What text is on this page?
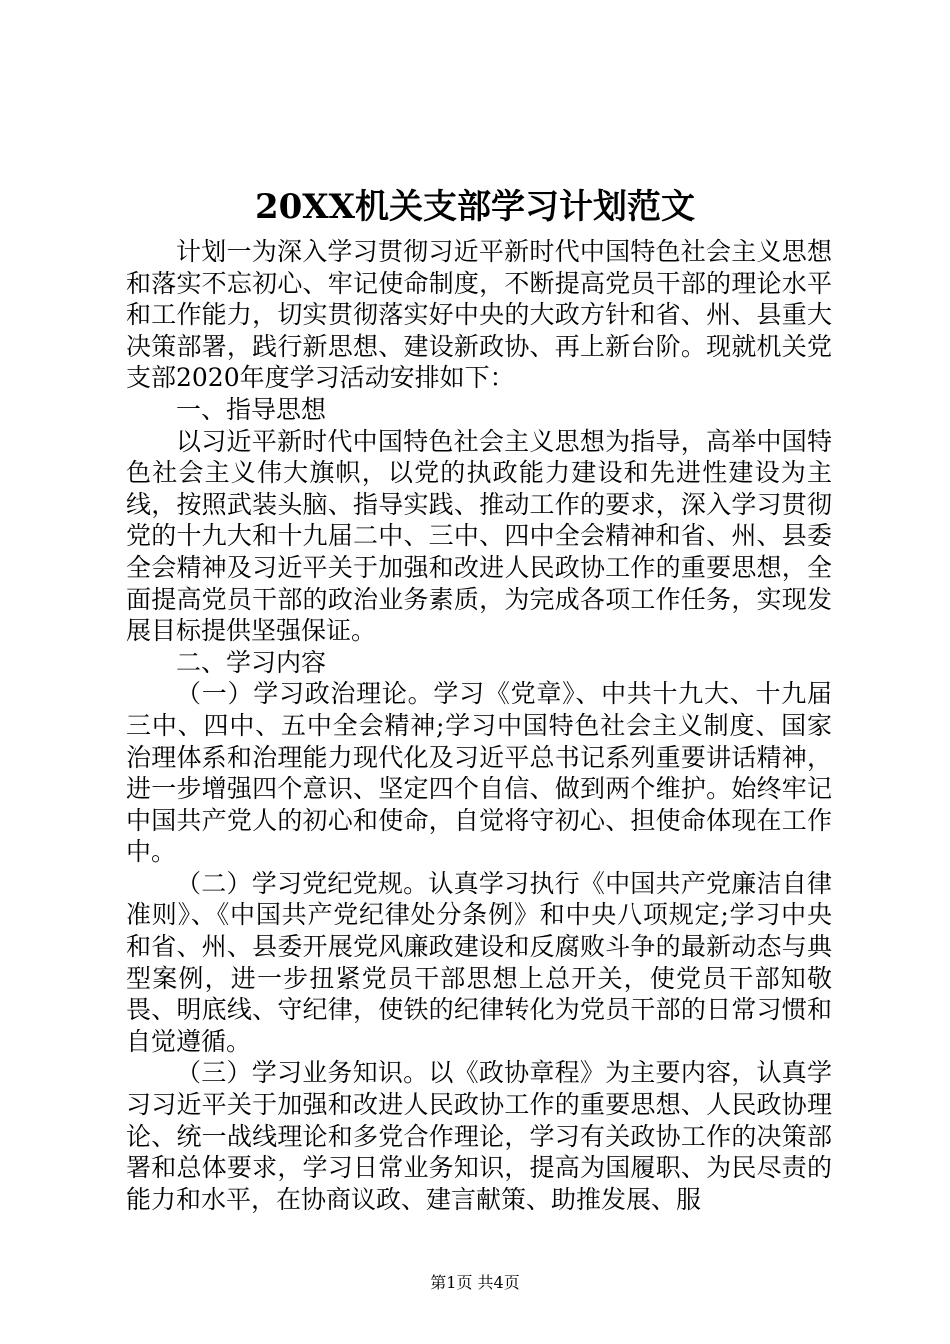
20XX机关支部学习计划范文

计划一为深入学习贯彻习近平新时代中国特色社会主义思想和落实不忘初心、牢记使命制度，不断提高党员干部的理论水平和工作能力，切实贯彻落实好中央的大政方针和省、州、县重大决策部署，践行新思想、建设新政协、再上新台阶。现就机关党支部2020年度学习活动安排如下：

一、指导思想

以习近平新时代中国特色社会主义思想为指导，高举中国特色社会主义伟大旗帜，以党的执政能力建设和先进性建设为主线，按照武装头脑、指导实践、推动工作的要求，深入学习贯彻党的十九大和十九届二中、三中、四中全会精神和省、州、县委全会精神及习近平关于加强和改进人民政协工作的重要思想，全面提高党员干部的政治业务素质，为完成各项工作任务，实现发展目标提供坚强保证。

二、学习内容

（一）学习政治理论。学习《党章》、中共十九大、十九届三中、四中、五中全会精神;学习中国特色社会主义制度、国家治理体系和治理能力现代化及习近平总书记系列重要讲话精神，进一步增强四个意识、坚定四个自信、做到两个维护。始终牢记中国共产党人的初心和使命，自觉将守初心、担使命体现在工作中。

（二）学习党纪党规。认真学习执行《中国共产党廉洁自律准则》、《中国共产党纪律处分条例》和中央八项规定;学习中央和省、州、县委开展党风廉政建设和反腐败斗争的最新动态与典型案例，进一步扭紧党员干部思想上总开关，使党员干部知敬畏、明底线、守纪律，使铁的纪律转化为党员干部的日常习惯和自觉遵循。

（三）学习业务知识。以《政协章程》为主要内容，认真学习习近平关于加强和改进人民政协工作的重要思想、人民政协理论、统一战线理论和多党合作理论，学习有关政协工作的决策部署和总体要求，学习日常业务知识，提高为国履职、为民尽责的能力和水平，在协商议政、建言献策、助推发展、服

第1页 共4页
